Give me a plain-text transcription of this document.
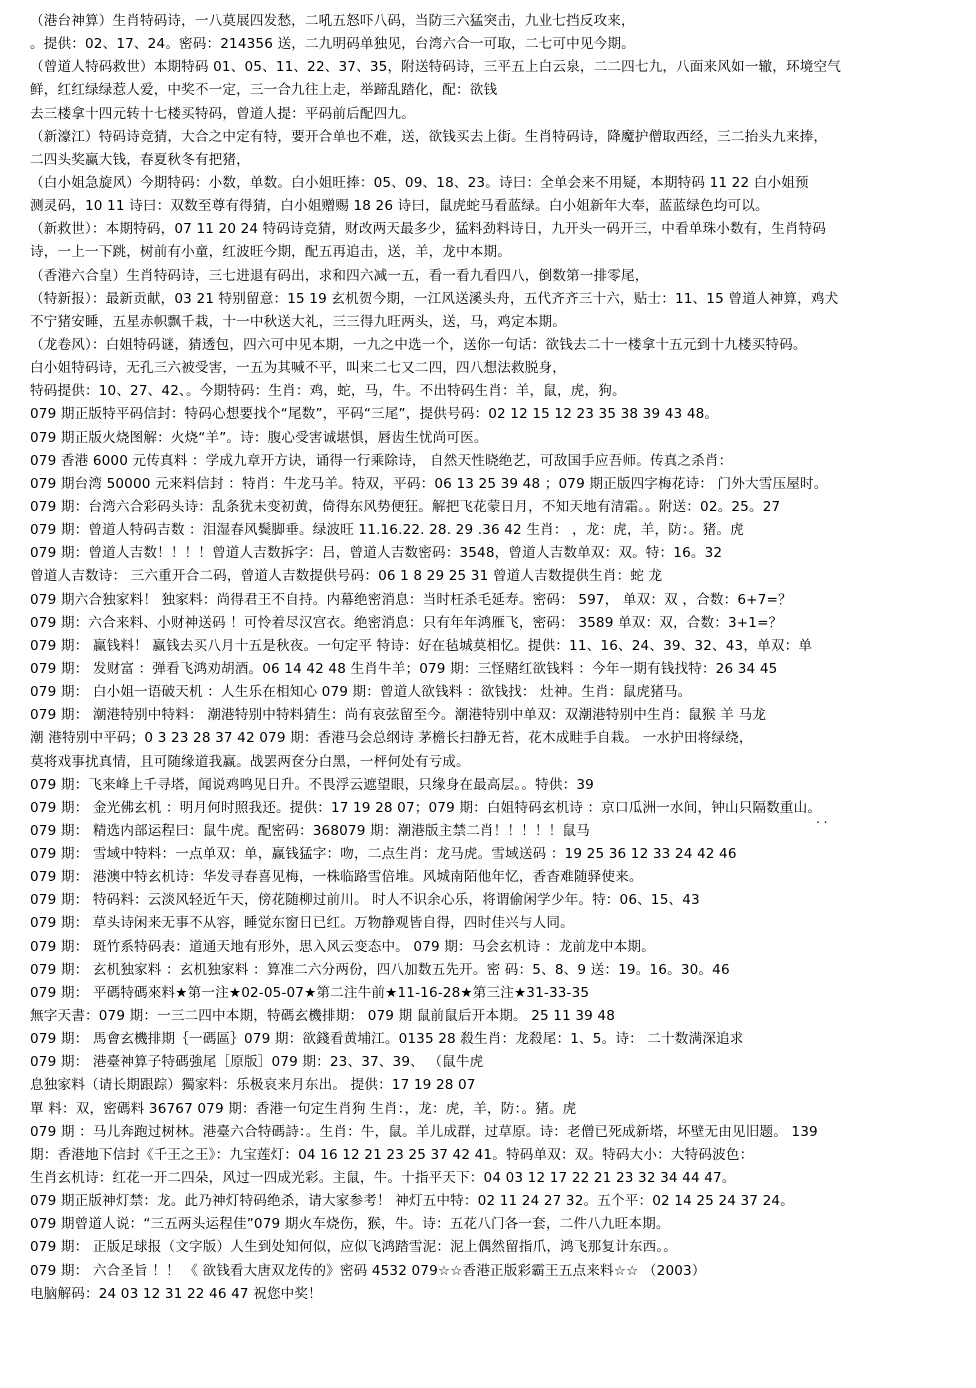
（港台神算）生肖特码诗，一八莫展四发愁，二吼五怒吓八码，当防三六猛突击，九业七挡反攻来，
。提供：02、17、24。密码：214356 送，二九明码单独见，台湾六合一可取，二七可中见今期。
（曾道人特码救世）本期特码 01、05、11、22、37、35，附送特码诗，三平五上白云泉，二二四七九，八面来风如一辙，环境空气
鲜，红红绿绿惹人爱，中奖不一定，三一合九往上走，举蹄乱踏化，配：欲钱
去三楼拿十四元转十七楼买特码，曾道人提：平码前后配四九。
（新濠江）特码诗竞猜，大合之中定有特，要开合单也不难，送，欲钱买去上街。生肖特码诗，降魔护僧取西经，三二抬头九来捧，
二四头奖赢大钱，春夏秋冬有把猪，
（白小姐急旋风）今期特码：小数，单数。白小姐旺捧：05、09、18、23。诗曰：全单会来不用疑，本期特码 11 22 白小姐预
测灵码，10 11 诗曰：双数至尊有得猜，白小姐赠赐 18 26 诗曰，鼠虎蛇马看蓝绿。白小姐新年大奉，蓝蓝绿色均可以。
（新救世）：本期特码，07 11 20 24 特码诗竞猜，财改两天最多少，猛料劲料诗日，九开头一码开三，中看单珠小数有，生肖特码
诗，一上一下跳，树前有小童，红波旺今期，配五再追击，送，羊，龙中本期。
（香港六合皇）生肖特码诗，三七进退有码出，求和四六减一五，看一看九看四八，倒数第一排零尾，
（特新报）：最新贡献，03 21 特别留意：15 19 玄机贺今期，一江风送溪头舟，五代齐齐三十六，贴士：11、15 曾道人神算，鸡犬
不宁猪安睡，五星赤帜飘千栽，十一中秋送大礼，三三得九旺两头，送，马，鸡定本期。
（龙卷风）：白姐特码谜，猜透包，四六可中见本期，一九之中选一个，送你一句话：欲钱去二十一楼拿十五元到十九楼买特码。
白小姐特码诗，无孔三六被受害，一五为其喊不平，叫来二七又二四，四八想法救脱身，
特码提供：10、27、42、。今期特码：生肖：鸡，蛇，马，牛。不出特码生肖：羊，鼠，虎，狗。
079 期正版特平码信封：特码心想要找个“尾数”，平码“三尾”，提供号码：02 12 15 12 23 35 38 39 43 48。
079 期正版火烧图解：火烧“羊”。诗：腹心受害诚堪惧，唇齿生忧尚可医。
079 香港 6000 元传真料 ：学成九章开方诀，诵得一行乘除诗， 自然天性晓绝艺，可敌国手应吾师。传真之杀肖：
079 期台湾 50000 元来料信封 ：特肖：牛龙马羊。特双，平码：06 13 25 39 48 ；079 期正版四字梅花诗： 门外大雪压屋时。
079 期：台湾六合彩码头诗：乱条犹未变初黄，倚得东风势便狂。解把飞花蒙日月，不知天地有清霜。。附送：02。25。27
079 期：曾道人特码吉数 ：泪湿春风鬓脚垂。绿波旺 11.16.22. 28. 29 .36 42 生肖： ，龙：虎，羊，防：。猪。虎
079 期：曾道人吉数！！！！曾道人吉数拆字：吕，曾道人吉数密码：3548，曾道人吉数单双：双。特：16。32
曾道人吉数诗： 三六重开合二码，曾道人吉数提供号码：06 1 8 29 25 31 曾道人吉数提供生肖：蛇 龙
079 期六合独家料！ 独家料：尚得君王不自持。内幕绝密消息：当时枉杀毛延寿。密码： 597， 单双：双 ，合数：6+7=？
079 期：六合来料、小财神送码 ！可怜着尽汉宫衣。绝密消息：只有年年鸿雁飞，密码： 3589 单双：双，合数：3+1=？
079 期： 赢钱料！ 赢钱去买八月十五是秋夜。一句定平 特诗：好在毡城莫相忆。提供：11、16、24、39、32、43，单双：单
079 期： 发财富 ：弹看飞鸿劝胡酒。06 14 42 48 生肖牛羊；079 期：三怪赌红欲钱料 ：今年一期有钱找特：26 34 45
079 期： 白小姐一语破天机 ：人生乐在相知心 079 期：曾道人欲钱料 ：欲钱找： 灶神。生肖：鼠虎猪马。
079 期： 潮港特别中特料： 潮港特别中特料猜生：尚有哀弦留至今。潮港特别中单双：双潮港特别中生肖：鼠猴 羊 马龙
潮 港特别中平码；0 3 23 28 37 42 079 期：香港马会总纲诗 茅檐长扫静无苔，花木成畦手自栽。 一水护田将绿绕，
莫将戏事扰真情，且可随缘道我赢。战罢两奁分白黑，一枰何处有亏成。
079 期：飞来峰上千寻塔，闻说鸡鸣见日升。不畏浮云遮望眼，只缘身在最高层。。特供：39
079 期： 金光佛玄机 ：明月何时照我还。提供：17 19 28 07；079 期：白姐特码玄机诗 ：京口瓜洲一水间，钟山只隔数重山。
079 期： 精选内部运程曰：鼠牛虎。配密码：368079 期：潮港版主禁二肖！！！！！鼠马
079 期： 雪域中特料：一点单双：单，赢钱猛字：吻，二点生肖：龙马虎。雪域送码 ：19 25 36 12 33 24 42 46
079 期： 港澳中特玄机诗：华发寻春喜见梅，一株临路雪倍堆。风城南陌他年忆，香杳难随驿使来。
079 期： 特码料：云淡风轻近午天，傍花随柳过前川。 时人不识余心乐，将谓偷闲学少年。特：06、15、43
079 期： 草头诗闲来无事不从容，睡觉东窗日已红。万物静观皆自得，四时佳兴与人同。
079 期： 斑竹系特码表：道通天地有形外，思入风云变态中。 079 期：马会玄机诗 ：龙前龙中本期。
079 期： 玄机独家料 ：玄机独家料 ：算准二六分两份，四八加数五先开。密 码：5、8、9 送：19。16。30。46
079 期： 平碼特碼來料★第一注★02-05-07★第二注牛前★11-16-28★第三注★31-33-35
無字天書：079 期：一三二四中本期，特碼玄機排期： 079 期 鼠前鼠后开本期。 25 11 39 48
079 期： 馬會玄機排期｛一碼區｝079 期：欲錢看黄埔江。0135 28 殺生肖：龙殺尾：1、5。诗： 二十数满深追求
079 期： 港臺神算子特碼強尾［原版］079 期：23、37、39、 （鼠牛虎
息独家料（请长期跟踪）獨家料：乐极哀来月东出。 提供：17 19 28 07
單 料：双，密碼料 36767 079 期：香港一句定生肖狗 生肖：，龙：虎，羊，防：。猪。虎
079 期 ：马儿奔跑过树林。港臺六合特碼詩：。生肖：牛，鼠。羊儿成群，过草原。诗：老僧已死成新塔，坏壁无由见旧题。 139
期：香港地下信封《千王之王》：九宝莲灯：04 16 12 21 23 25 37 42 41。特码单双：双。特码大小：大特码波色：
生肖玄机诗：红花一开二四朵，风过一四成光彩。主鼠，牛。十指平天下：04 03 12 17 22 21 23 32 34 44 47。
079 期正版神灯禁：龙。此乃神灯特码绝杀，请大家参考！ 神灯五中特：02 11 24 27 32。五个平：02 14 25 24 37 24。
079 期曾道人说：“三五两头运程佳”079 期火车烧伤，猴，牛。诗：五花八门各一套，二件八九旺本期。
079 期： 正版足球报（文字版）人生到处知何似，应似飞鸿踏雪泥：泥上偶然留指爪，鸿飞那复计东西。。
079 期： 六合圣旨 ！！ 《 欲钱看大唐双龙传的》密码 4532 079☆☆香港正版彩霸王五点来料☆☆ （2003）
电脑解码：24 03 12 31 22 46 47 祝您中奖！
. .
